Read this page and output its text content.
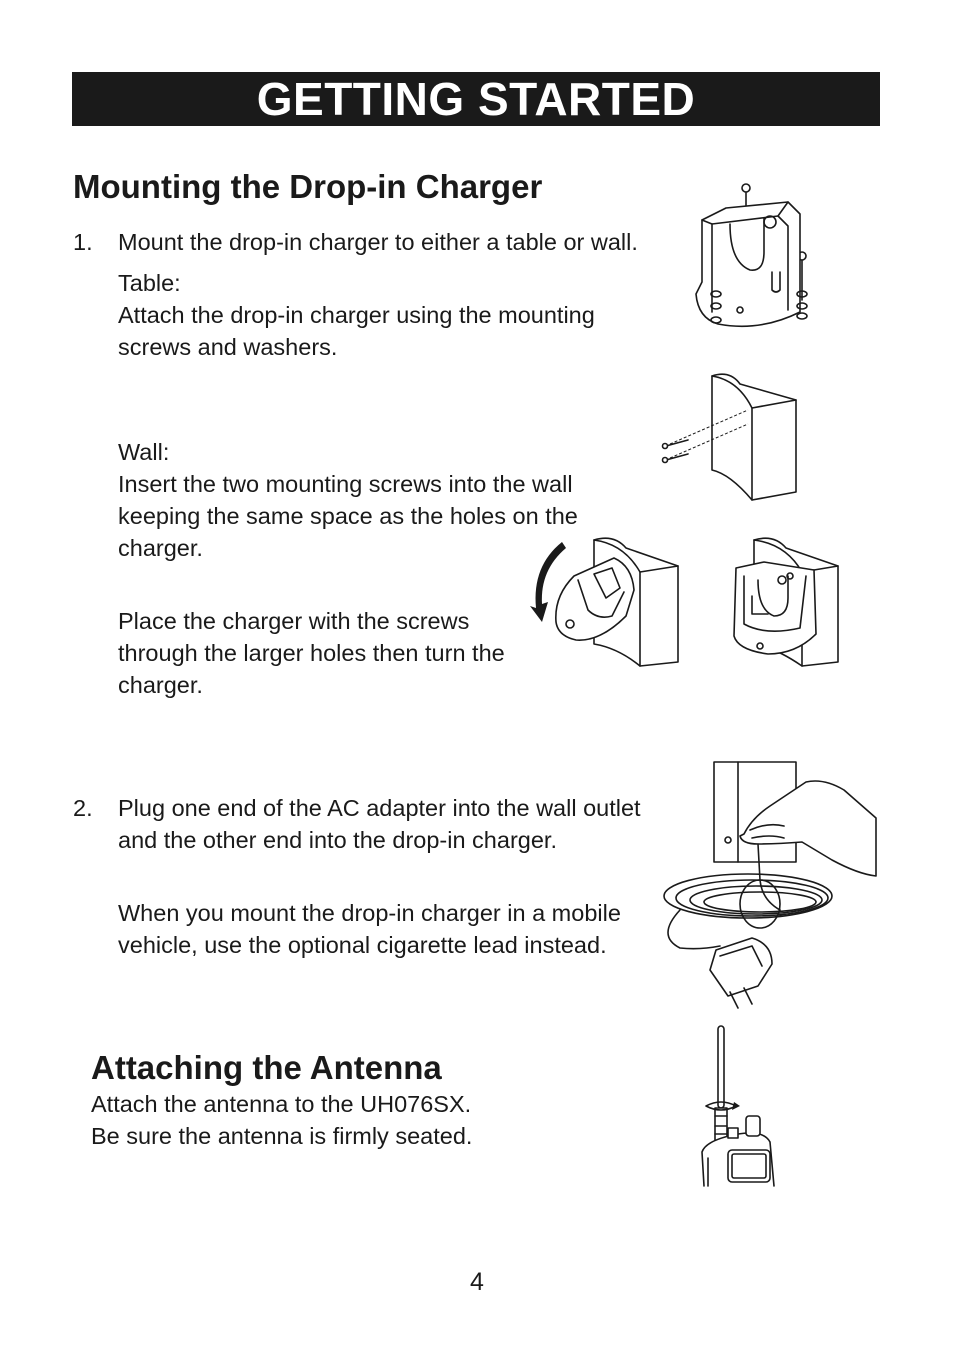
GETTING STARTED
Mounting the Drop-in Charger
1. Mount the drop-in charger to either a table or wall.
Table:
Attach the drop-in charger using the mounting
screws and washers.
Wall:
Insert the two mounting screws into the wall
keeping the same space as the holes on the
charger.
Place the charger with the screws
through the larger holes then turn the
charger.
2. Plug one end of the AC adapter into the wall outlet
and the other end into the drop-in charger.
When you mount the drop-in charger in a mobile
vehicle, use the optional cigarette lead instead.
Attaching the Antenna
Attach the antenna to the UH076SX.
Be sure the antenna is firmly seated.
4
